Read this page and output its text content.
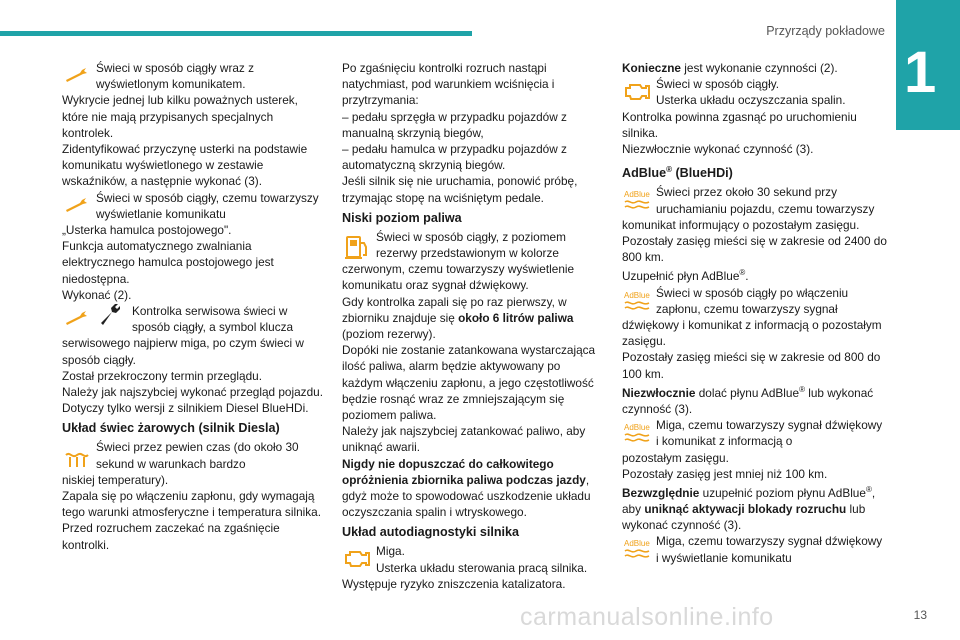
Przyrządy pokładowe
1

Świeci w sposób ciągły wraz z wyświetlonym komunikatem.

Wykrycie jednej lub kilku poważnych usterek, które nie mają przypisanych specjalnych kontrolek.

Zidentyfikować przyczynę usterki na podstawie komunikatu wyświetlonego w zestawie wskaźników, a następnie wykonać (3).

Świeci w sposób ciągły, czemu towarzyszy wyświetlanie komunikatu

„Usterka hamulca postojowego".

Funkcja automatycznego zwalniania elektrycznego hamulca postojowego jest niedostępna.

Wykonać (2).

Kontrolka serwisowa świeci w sposób ciągły, a symbol klucza

serwisowego najpierw miga, po czym świeci w sposób ciągły.

Został przekroczony termin przeglądu.

Należy jak najszybciej wykonać przegląd pojazdu.

Dotyczy tylko wersji z silnikiem Diesel BlueHDi.

Układ świec żarowych (silnik Diesla)

Świeci przez pewien czas (do około 30 sekund w warunkach bardzo

niskiej temperatury).

Zapala się po włączeniu zapłonu, gdy wymagają tego warunki atmosferyczne i temperatura silnika.

Przed rozruchem zaczekać na zgaśnięcie kontrolki.

Po zgaśnięciu kontrolki rozruch nastąpi natychmiast, pod warunkiem wciśnięcia i przytrzymania:

– pedału sprzęgła w przypadku pojazdów z manualną skrzynią biegów,

– pedału hamulca w przypadku pojazdów z automatyczną skrzynią biegów.

Jeśli silnik się nie uruchamia, ponowić próbę, trzymając stopę na wciśniętym pedale.

Niski poziom paliwa

Świeci w sposób ciągły, z poziomem rezerwy przedstawionym w kolorze

czerwonym, czemu towarzyszy wyświetlenie komunikatu oraz sygnał dźwiękowy.

Gdy kontrolka zapali się po raz pierwszy, w zbiorniku znajduje się około 6 litrów paliwa (poziom rezerwy).

Dopóki nie zostanie zatankowana wystarczająca ilość paliwa, alarm będzie aktywowany po każdym włączeniu zapłonu, a jego częstotliwość będzie rosnąć wraz ze zmniejszającym się poziomem paliwa.

Należy jak najszybciej zatankować paliwo, aby uniknąć awarii.

Nigdy nie dopuszczać do całkowitego opróżnienia zbiornika paliwa podczas jazdy, gdyż może to spowodować uszkodzenie układu oczyszczania spalin i wtryskowego.

Układ autodiagnostyki silnika

Miga.

Usterka układu sterowania pracą silnika.

Występuje ryzyko zniszczenia katalizatora.

Konieczne jest wykonanie czynności (2).

Świeci w sposób ciągły.

Usterka układu oczyszczania spalin.

Kontrolka powinna zgasnąć po uruchomieniu silnika.

Niezwłocznie wykonać czynność (3).

AdBlue® (BlueHDi)
AdBlue Świeci przez około 30 sekund przy uruchamianiu pojazdu, czemu towarzyszy

komunikat informujący o pozostałym zasięgu.

Pozostały zasięg mieści się w zakresie od 2400 do 800 km.

Uzupełnić płyn AdBlue®.

AdBlue Świeci w sposób ciągły po włączeniu zapłonu, czemu towarzyszy sygnał

dźwiękowy i komunikat z informacją o pozostałym zasięgu.

Pozostały zasięg mieści się w zakresie od 800 do 100 km.

Niezwłocznie dolać płynu AdBlue® lub wykonać czynność (3).

AdBlue Miga, czemu towarzyszy sygnał dźwiękowy i komunikat z informacją o

pozostałym zasięgu.

Pozostały zasięg jest mniej niż 100 km.

Bezwzględnie uzupełnić poziom płynu AdBlue®, aby uniknąć aktywacji blokady rozruchu lub wykonać czynność (3).

AdBlue Miga, czemu towarzyszy sygnał dźwiękowy i wyświetlanie komunikatu

carmanualsonline.info	13
